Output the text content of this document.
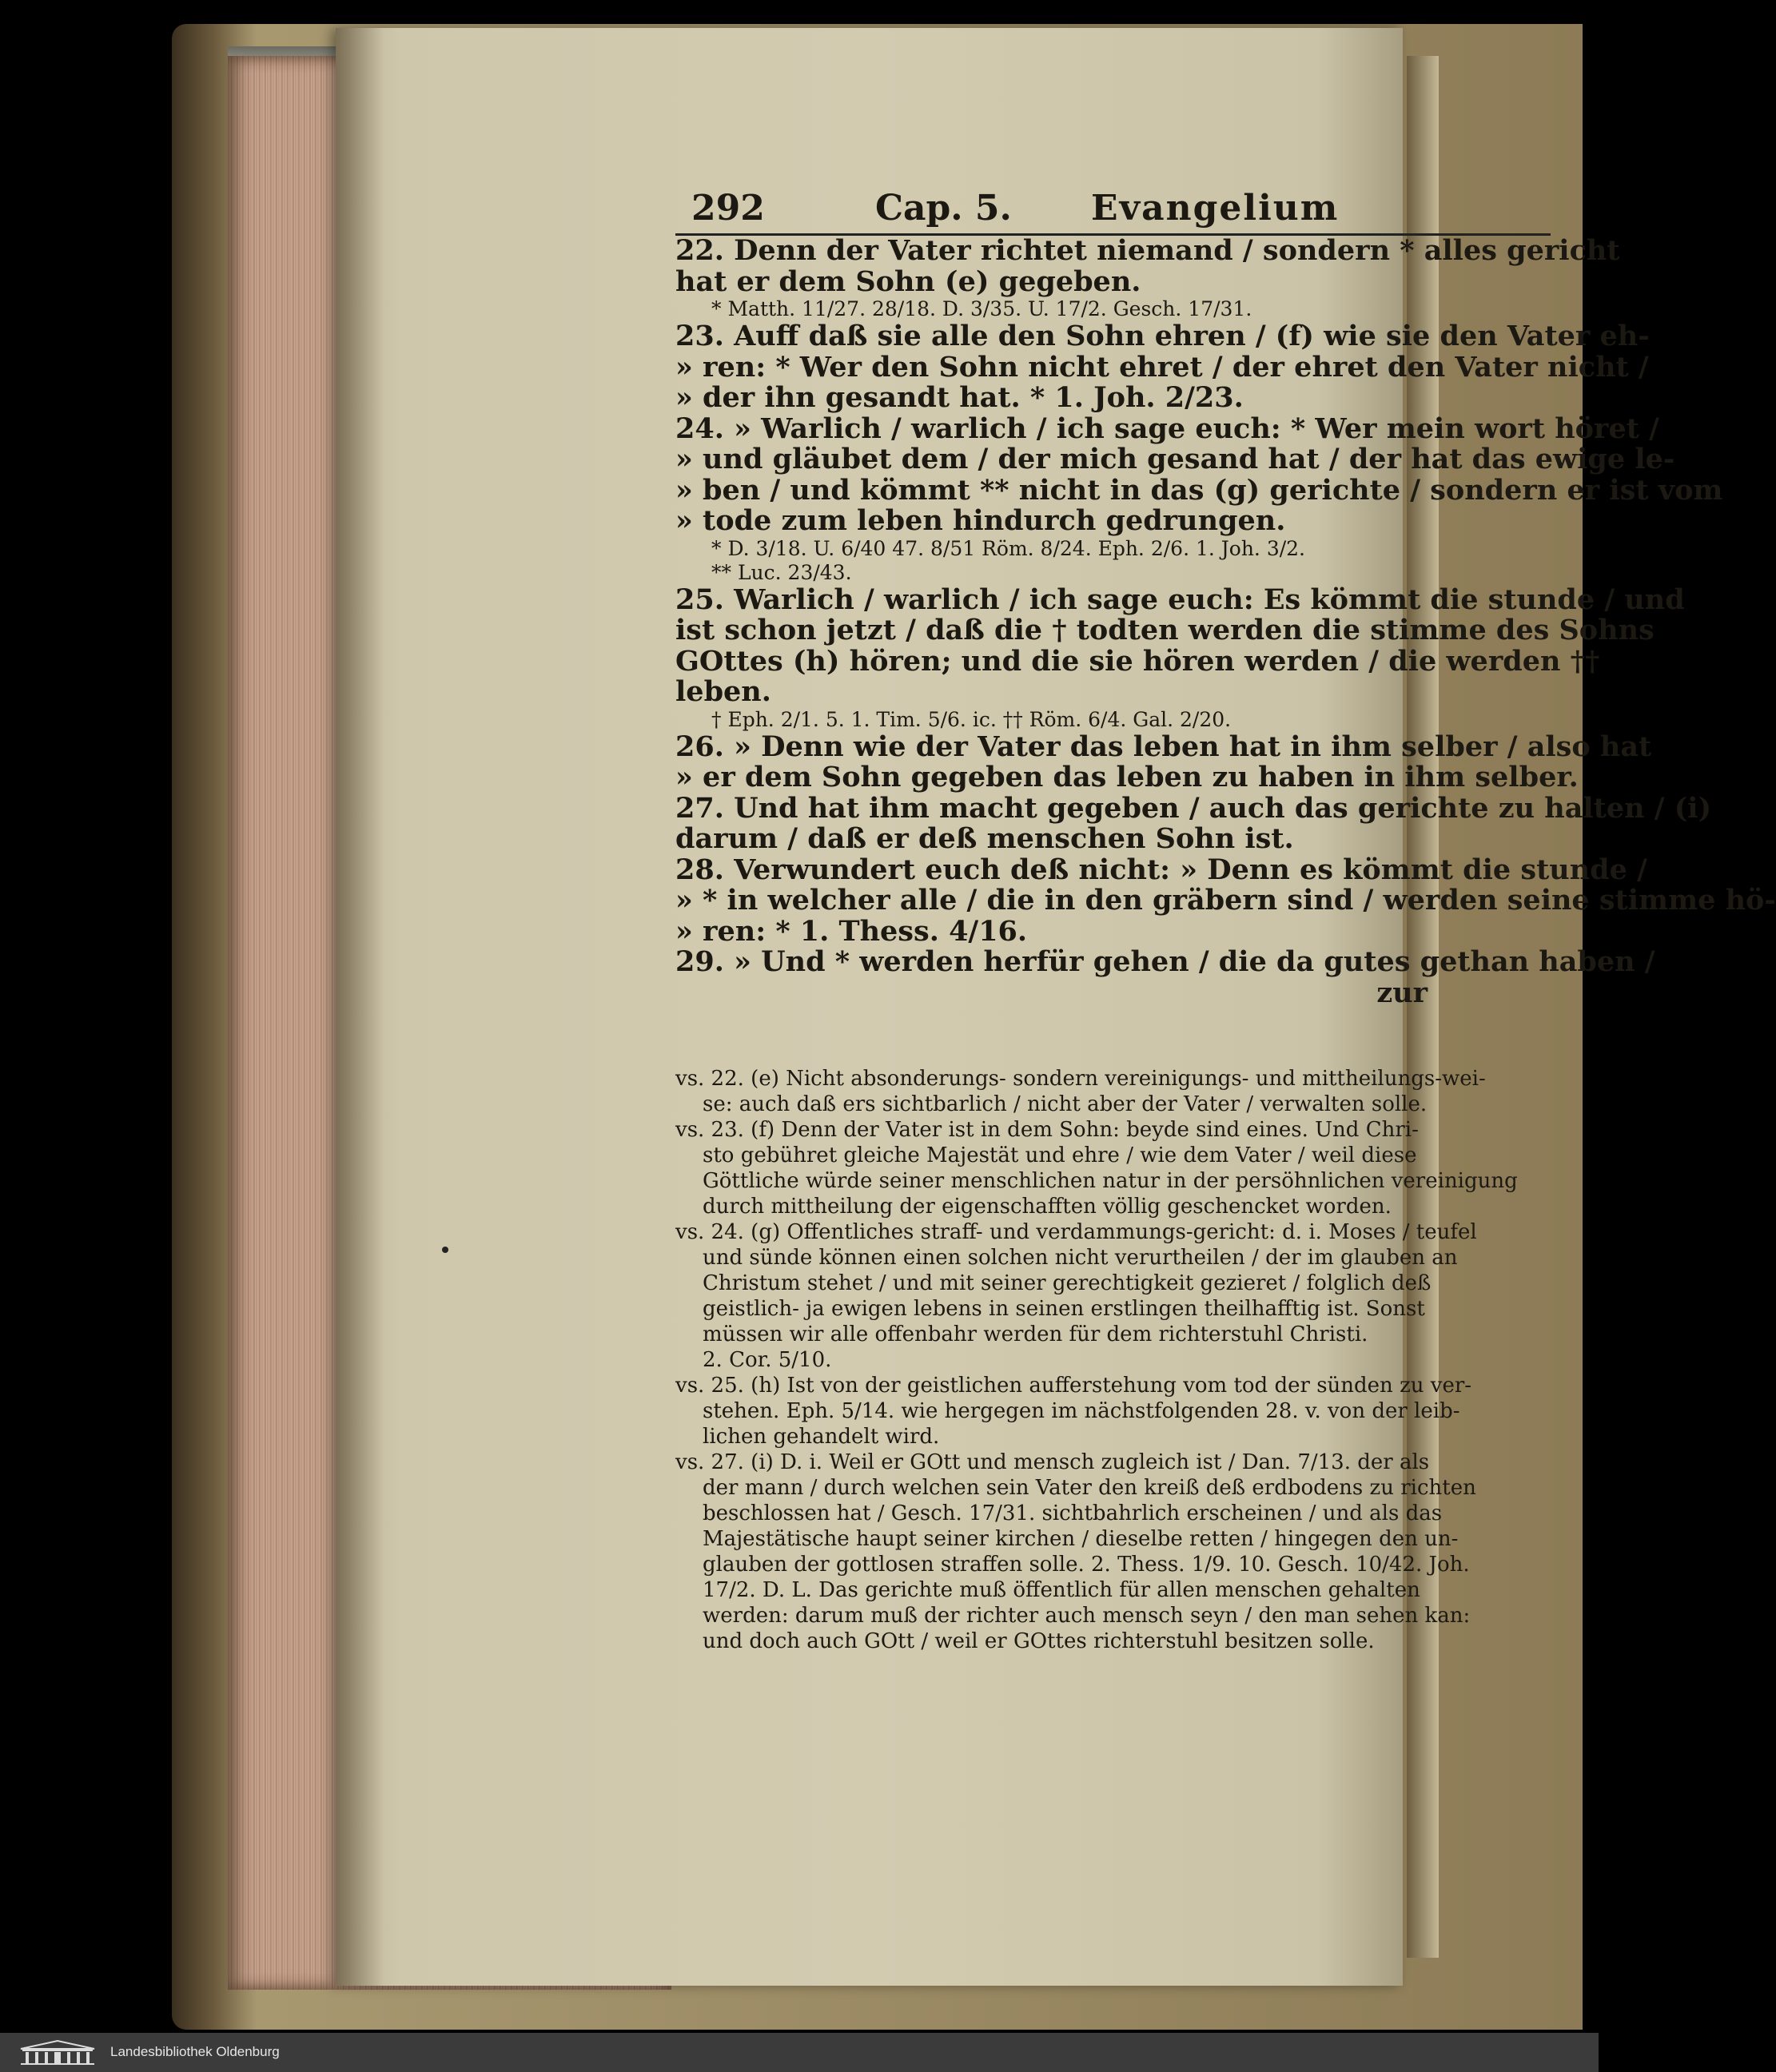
292	Cap. 5. Evangelium
22. Denn der Vater richtet niemand / sondern * alles gericht
hat er dem Sohn (e) gegeben.
* Matth. 11/27. 28/18. D. 3/35. U. 17/2. Gesch. 17/31.
23. Auff daß sie alle den Sohn ehren / (f) wie sie den Vater eh-
» ren: * Wer den Sohn nicht ehret / der ehret den Vater nicht /
» der ihn gesandt hat. * 1. Joh. 2/23.
24. » Warlich / warlich / ich sage euch: * Wer mein wort höret /
» und gläubet dem / der mich gesand hat / der hat das ewige le-
» ben / und kömmt ** nicht in das (g) gerichte / sondern er ist vom
» tode zum leben hindurch gedrungen.
* D. 3/18. U. 6/40 47. 8/51 Röm. 8/24. Eph. 2/6. 1. Joh. 3/2.
** Luc. 23/43.
25. Warlich / warlich / ich sage euch: Es kömmt die stunde / und
ist schon jetzt / daß die † todten werden die stimme des Sohns
GOttes (h) hören; und die sie hören werden / die werden ††
leben.
† Eph. 2/1. 5. 1. Tim. 5/6. ic. †† Röm. 6/4. Gal. 2/20.
26. » Denn wie der Vater das leben hat in ihm selber / also hat
» er dem Sohn gegeben das leben zu haben in ihm selber.
27. Und hat ihm macht gegeben / auch das gerichte zu halten / (i)
darum / daß er deß menschen Sohn ist.
28. Verwundert euch deß nicht: » Denn es kömmt die stunde /
» * in welcher alle / die in den gräbern sind / werden seine stimme hö-
» ren: * 1. Thess. 4/16.
29. » Und * werden herfür gehen / die da gutes gethan haben /
zur
vs. 22. (e) Nicht absonderungs- sondern vereinigungs- und mittheilungs-wei-
se: auch daß ers sichtbarlich / nicht aber der Vater / verwalten solle.
vs. 23. (f) Denn der Vater ist in dem Sohn: beyde sind eines. Und Chri-
sto gebühret gleiche Majestät und ehre / wie dem Vater / weil diese
Göttliche würde seiner menschlichen natur in der persöhnlichen vereinigung
durch mittheilung der eigenschafften völlig geschencket worden.
vs. 24. (g) Offentliches straff- und verdammungs-gericht: d. i. Moses / teufel
und sünde können einen solchen nicht verurtheilen / der im glauben an
Christum stehet / und mit seiner gerechtigkeit gezieret / folglich deß
geistlich- ja ewigen lebens in seinen erstlingen theilhafftig ist. Sonst
müssen wir alle offenbahr werden für dem richterstuhl Christi.
2. Cor. 5/10.
vs. 25. (h) Ist von der geistlichen aufferstehung vom tod der sünden zu ver-
stehen. Eph. 5/14. wie hergegen im nächstfolgenden 28. v. von der leib-
lichen gehandelt wird.
vs. 27. (i) D. i. Weil er GOtt und mensch zugleich ist / Dan. 7/13. der als
der mann / durch welchen sein Vater den kreiß deß erdbodens zu richten
beschlossen hat / Gesch. 17/31. sichtbahrlich erscheinen / und als das
Majestätische haupt seiner kirchen / dieselbe retten / hingegen den un-
glauben der gottlosen straffen solle. 2. Thess. 1/9. 10. Gesch. 10/42. Joh.
17/2. D. L. Das gerichte muß öffentlich für allen menschen gehalten
werden: darum muß der richter auch mensch seyn / den man sehen kan:
und doch auch GOtt / weil er GOttes richterstuhl besitzen solle.
Landesbibliothek Oldenburg
